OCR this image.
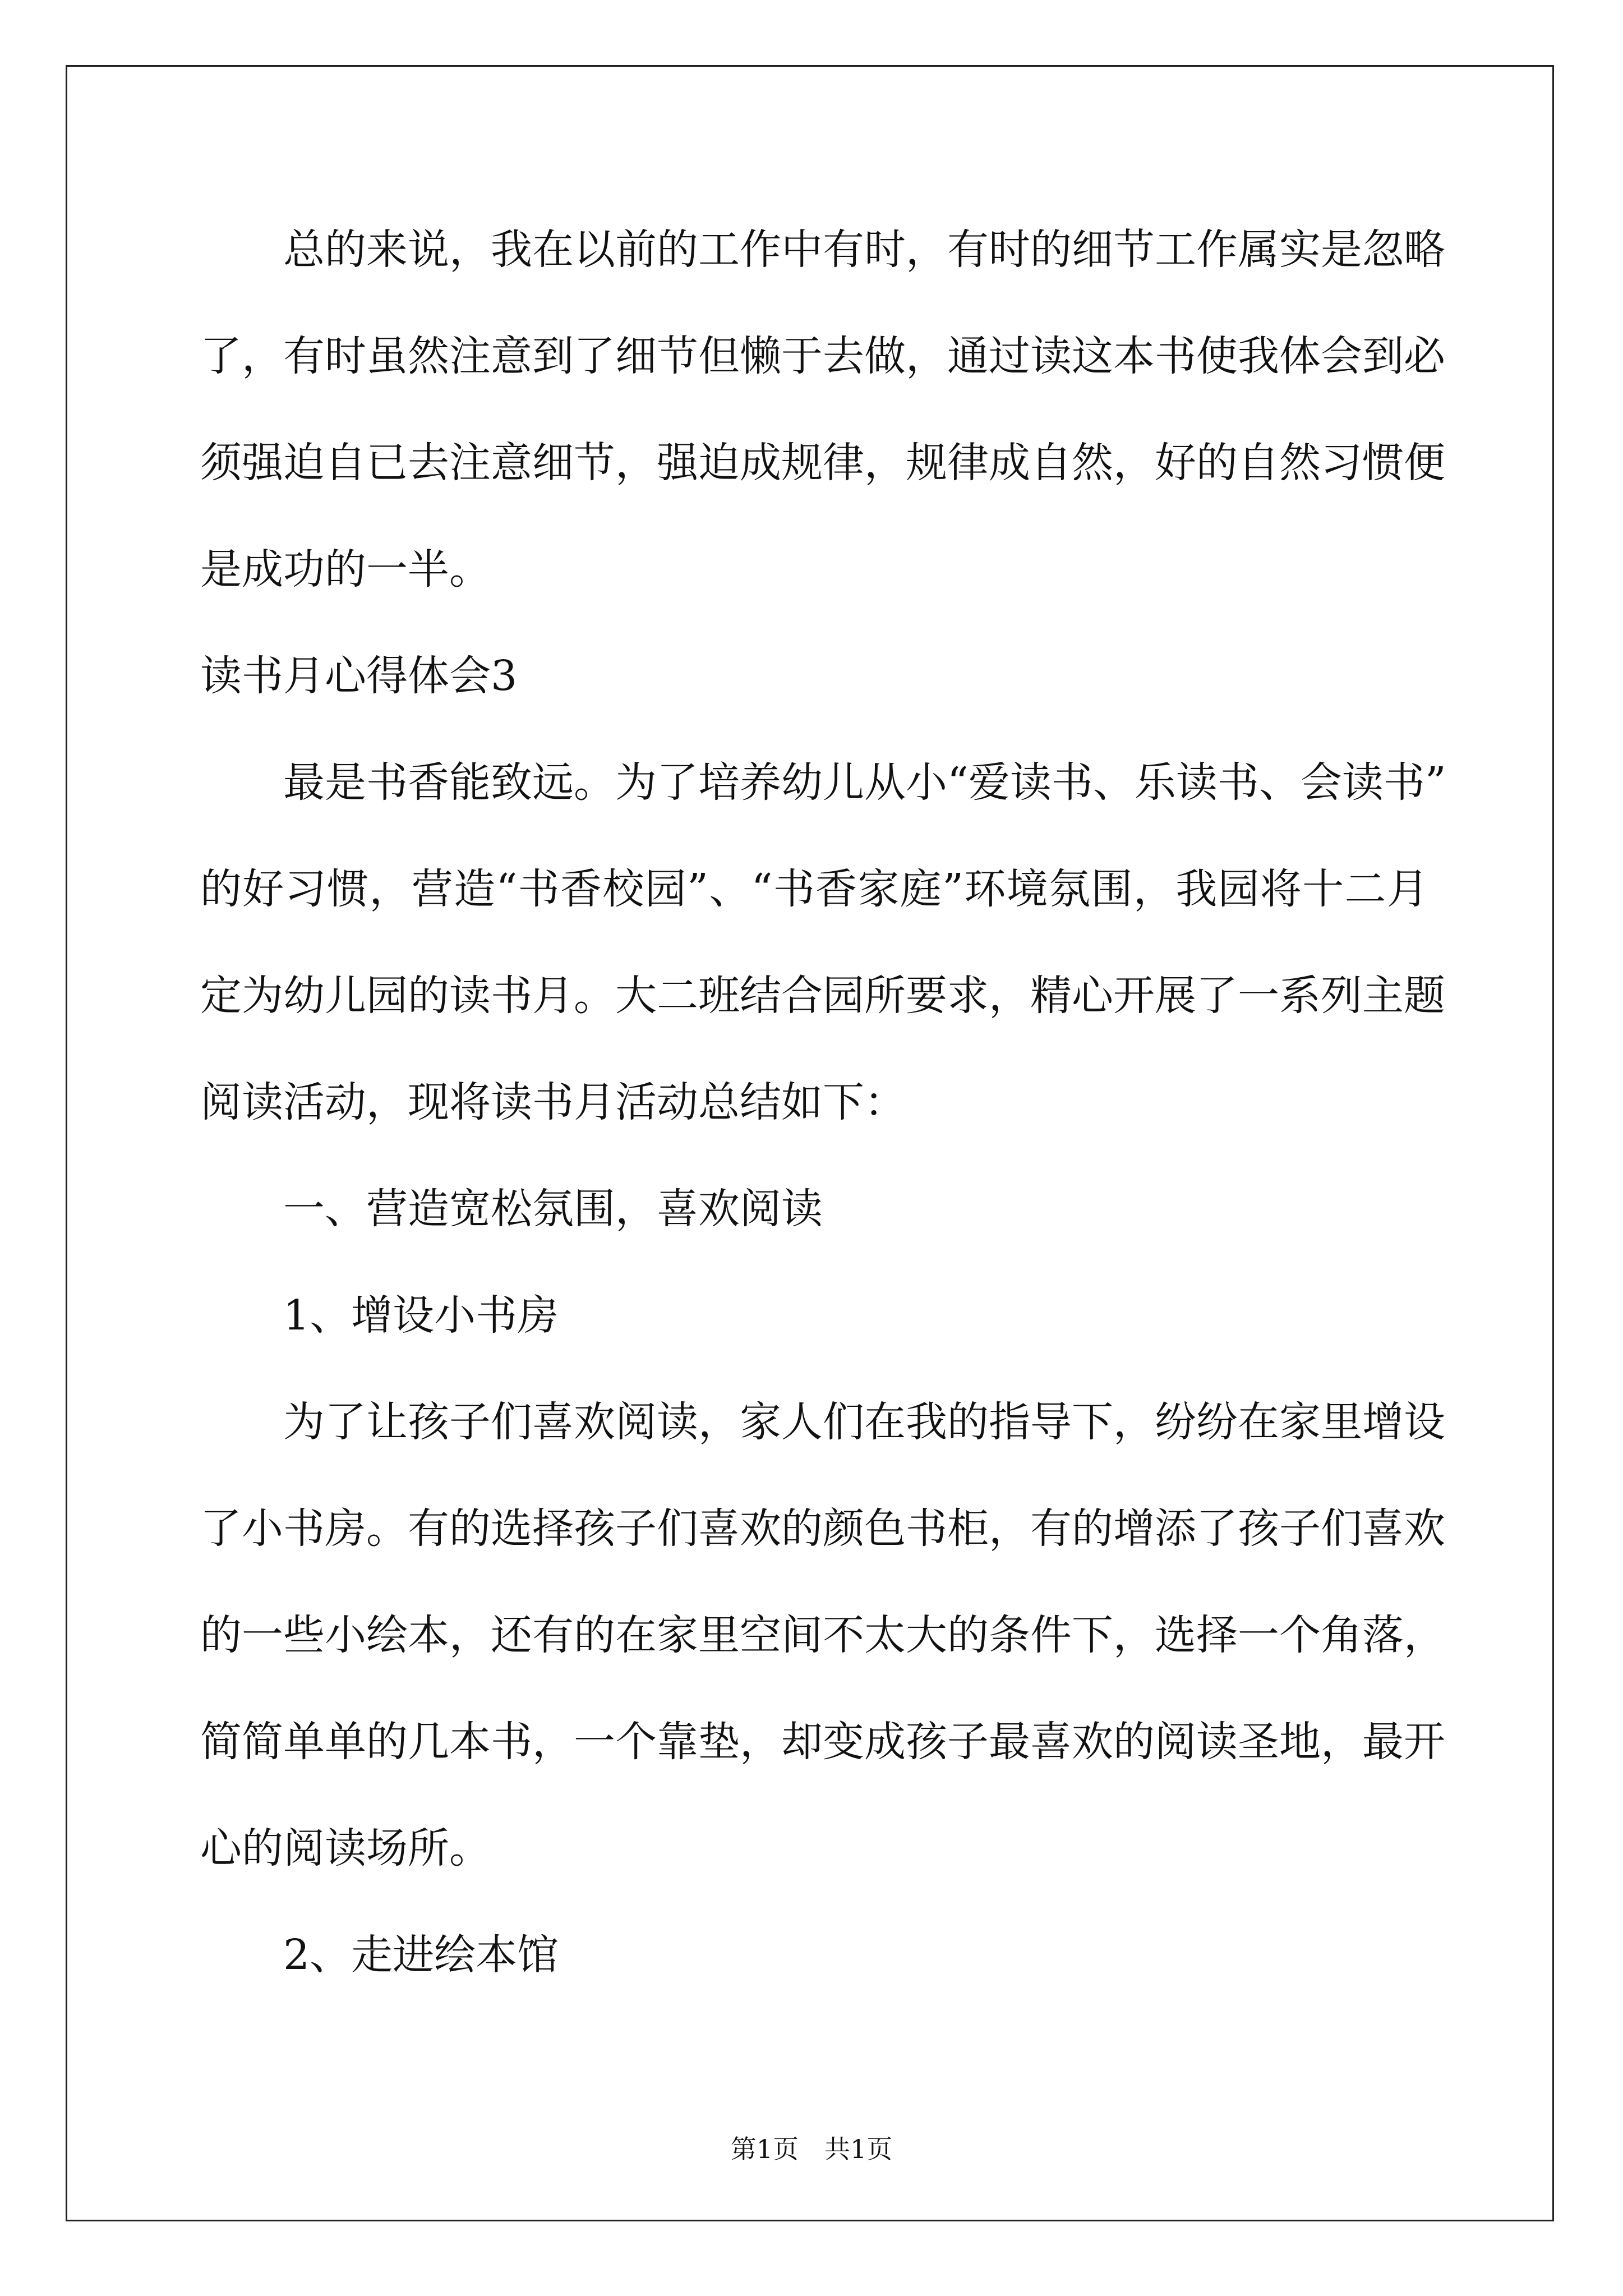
总的来说，我在以前的工作中有时，有时的细节工作属实是忽略
了，有时虽然注意到了细节但懒于去做，通过读这本书使我体会到必
须强迫自已去注意细节，强迫成规律，规律成自然，好的自然习惯便
是成功的一半。
读书月心得体会3
最是书香能致远。为了培养幼儿从小“爱读书、乐读书、会读书”
的好习惯，营造“书香校园”、“书香家庭”环境氛围，我园将十二月
定为幼儿园的读书月。大二班结合园所要求，精心开展了一系列主题
阅读活动，现将读书月活动总结如下：
一、营造宽松氛围，喜欢阅读
1、增设小书房
为了让孩子们喜欢阅读，家人们在我的指导下，纷纷在家里增设
了小书房。有的选择孩子们喜欢的颜色书柜，有的增添了孩子们喜欢
的一些小绘本，还有的在家里空间不太大的条件下，选择一个角落，
简简单单的几本书，一个靠垫，却变成孩子最喜欢的阅读圣地，最开
心的阅读场所。
2、走进绘本馆
第1页　共1页
